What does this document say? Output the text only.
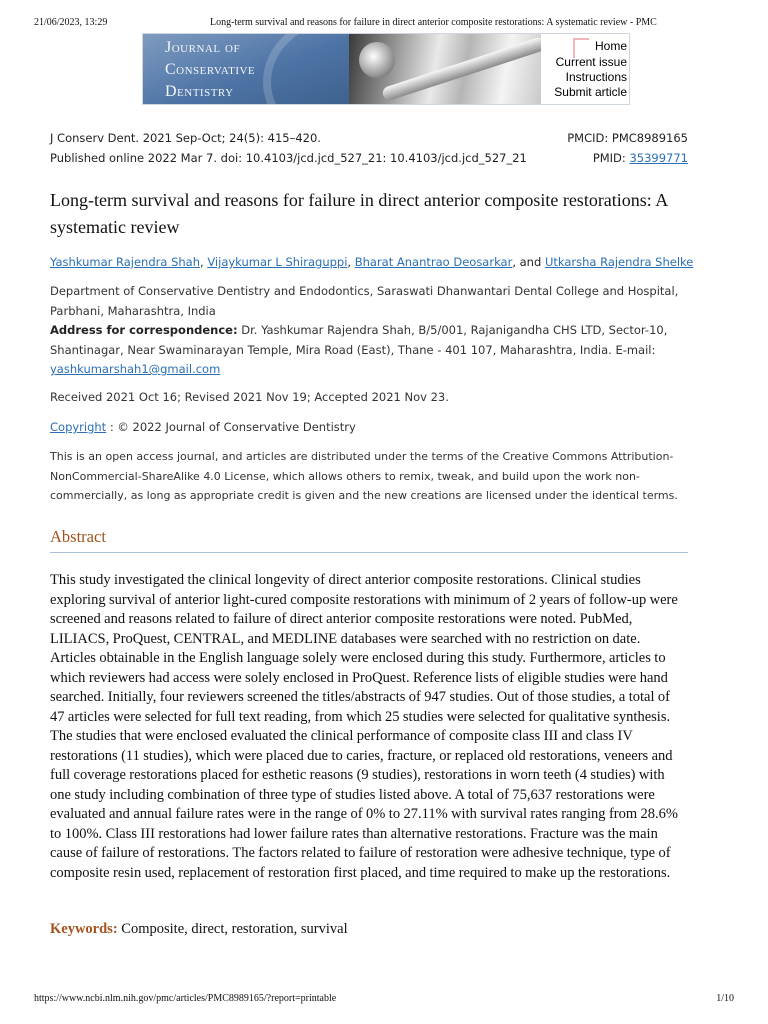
21/06/2023, 13:29	Long-term survival and reasons for failure in direct anterior composite restorations: A systematic review - PMC
Journal of
Conservative
Dentistry
Home
Current issue
Instructions
Submit article
J Conserv Dent. 2021 Sep-Oct; 24(5): 415–420.	PMCID: PMC8989165
Published online 2022 Mar 7. doi: 10.4103/jcd.jcd_527_21: 10.4103/jcd.jcd_527_21	PMID: 35399771
Long-term survival and reasons for failure in direct anterior composite restorations: A systematic review
Yashkumar Rajendra Shah, Vijaykumar L Shiraguppi, Bharat Anantrao Deosarkar, and Utkarsha Rajendra Shelke
Department of Conservative Dentistry and Endodontics, Saraswati Dhanwantari Dental College and Hospital, Parbhani, Maharashtra, India
Address for correspondence: Dr. Yashkumar Rajendra Shah, B/5/001, Rajanigandha CHS LTD, Sector-10, Shantinagar, Near Swaminarayan Temple, Mira Road (East), Thane - 401 107, Maharashtra, India. E-mail: yashkumarshah1@gmail.com
Received 2021 Oct 16; Revised 2021 Nov 19; Accepted 2021 Nov 23.
Copyright : © 2022 Journal of Conservative Dentistry
This is an open access journal, and articles are distributed under the terms of the Creative Commons Attribution-NonCommercial-ShareAlike 4.0 License, which allows others to remix, tweak, and build upon the work non-commercially, as long as appropriate credit is given and the new creations are licensed under the identical terms.
Abstract
This study investigated the clinical longevity of direct anterior composite restorations. Clinical studies exploring survival of anterior light-cured composite restorations with minimum of 2 years of follow-up were screened and reasons related to failure of direct anterior composite restorations were noted. PubMed, LILIACS, ProQuest, CENTRAL, and MEDLINE databases were searched with no restriction on date. Articles obtainable in the English language solely were enclosed during this study. Furthermore, articles to which reviewers had access were solely enclosed in ProQuest. Reference lists of eligible studies were hand searched. Initially, four reviewers screened the titles/abstracts of 947 studies. Out of those studies, a total of 47 articles were selected for full text reading, from which 25 studies were selected for qualitative synthesis. The studies that were enclosed evaluated the clinical performance of composite class III and class IV restorations (11 studies), which were placed due to caries, fracture, or replaced old restorations, veneers and full coverage restorations placed for esthetic reasons (9 studies), restorations in worn teeth (4 studies) with one study including combination of three type of studies listed above. A total of 75,637 restorations were evaluated and annual failure rates were in the range of 0% to 27.11% with survival rates ranging from 28.6% to 100%. Class III restorations had lower failure rates than alternative restorations. Fracture was the main cause of failure of restorations. The factors related to failure of restoration were adhesive technique, type of composite resin used, replacement of restoration first placed, and time required to make up the restorations.
Keywords: Composite, direct, restoration, survival
https://www.ncbi.nlm.nih.gov/pmc/articles/PMC8989165/?report=printable	1/10
